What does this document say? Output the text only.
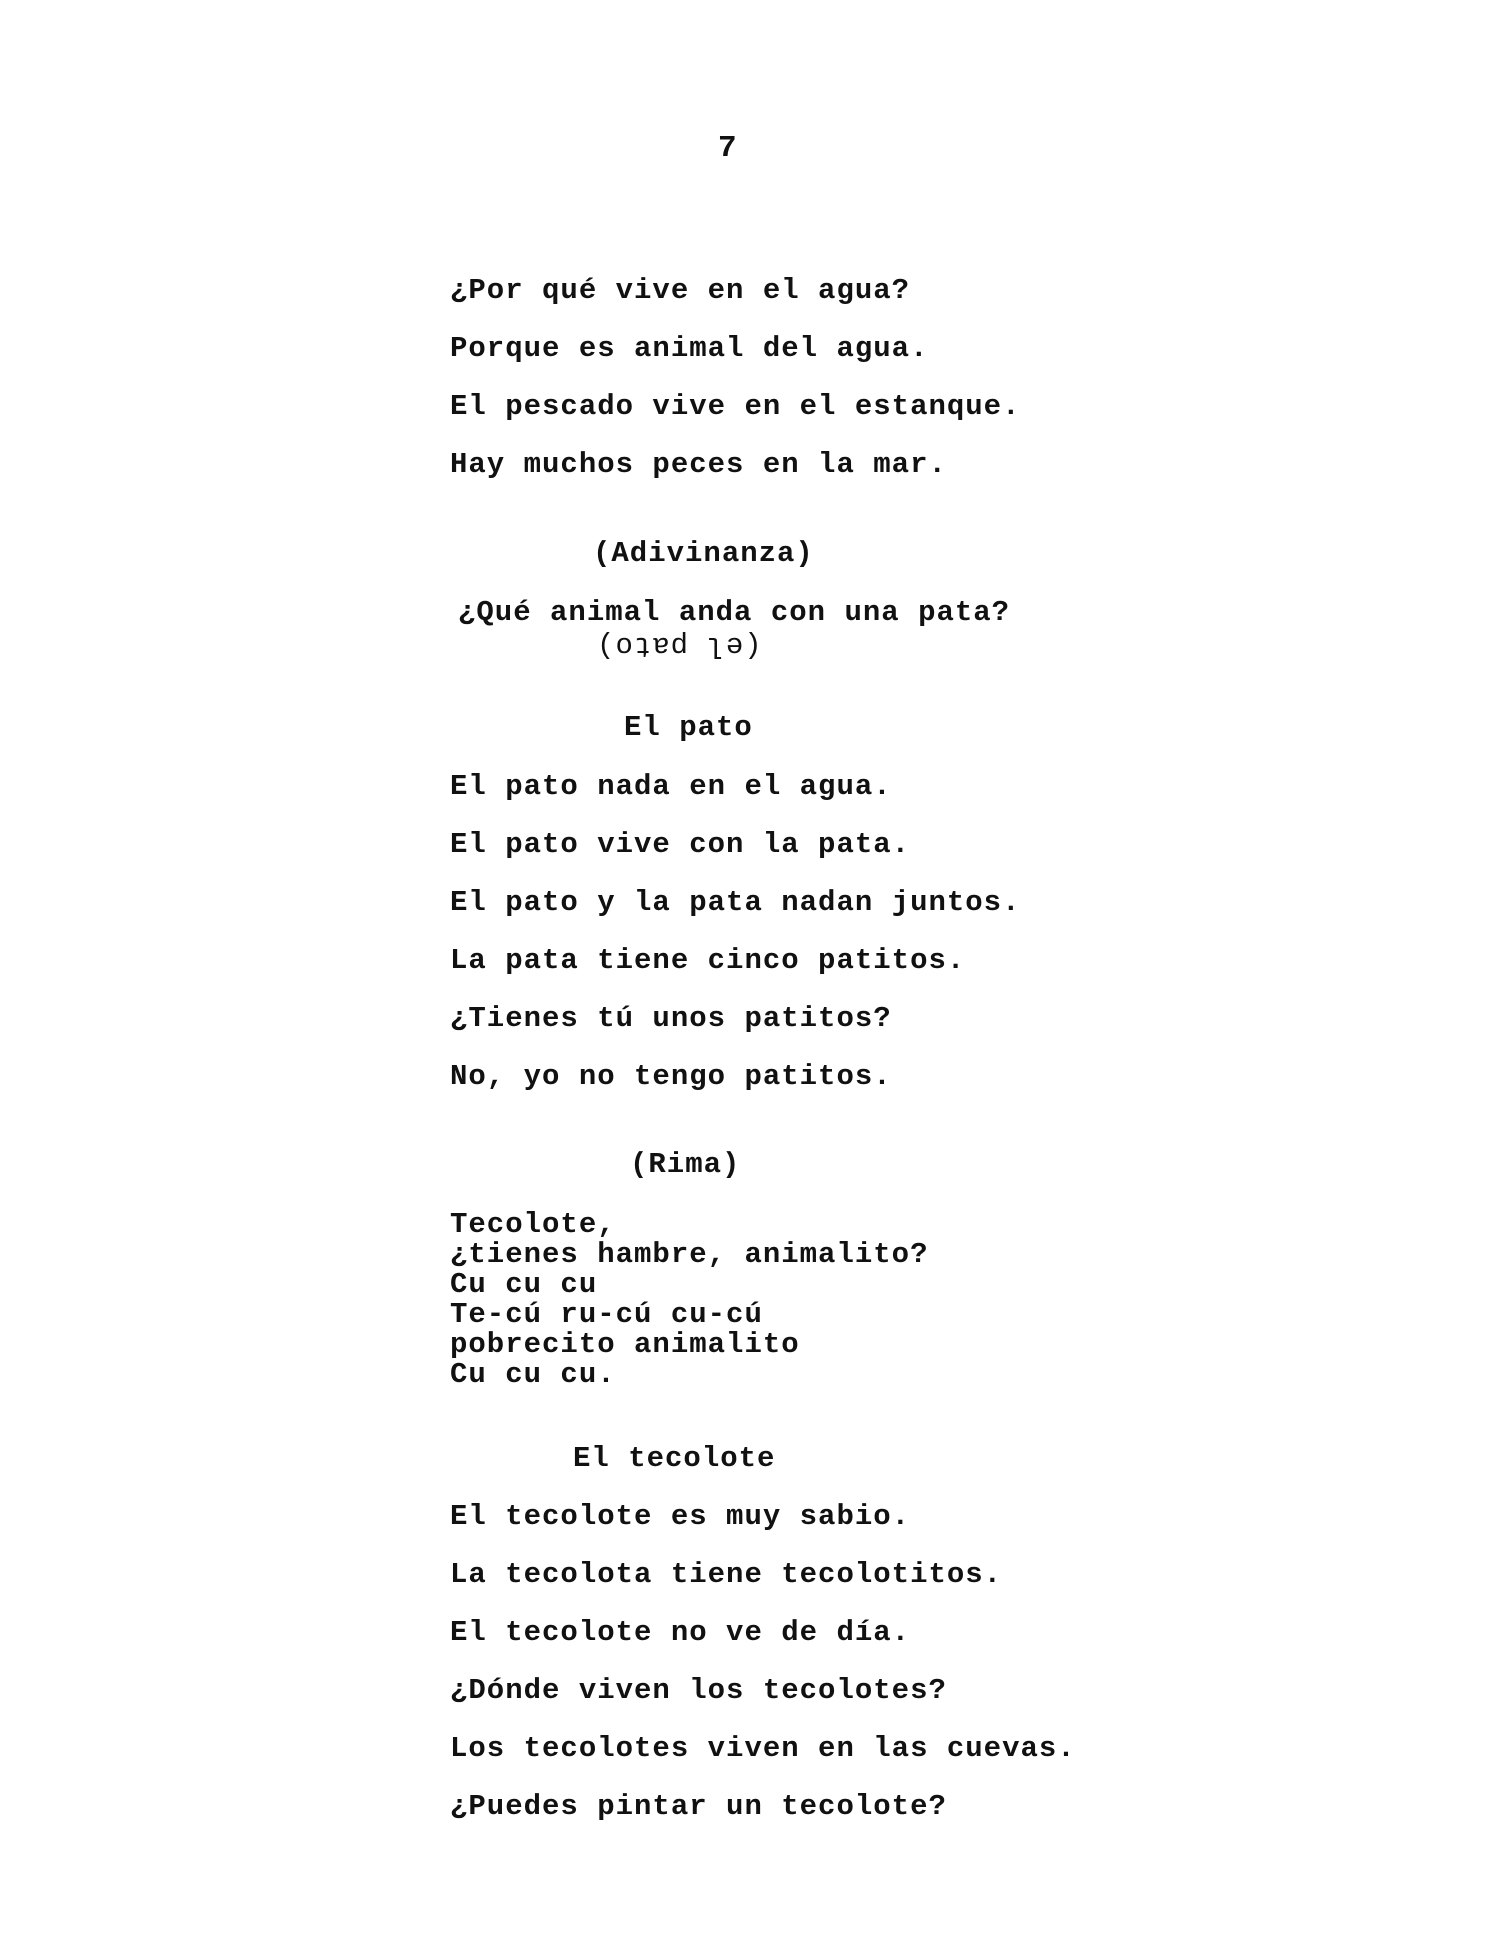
7

¿Por qué vive en el agua?

Porque es animal del agua.

El pescado vive en el estanque.

Hay muchos peces en la mar.

(Adivinanza)

¿Qué animal anda con una pata?

(el pato)

El pato

El pato nada en el agua.

El pato vive con la pata.

El pato y la pata nadan juntos.

La pata tiene cinco patitos.

¿Tienes tú unos patitos?

No, yo no tengo patitos.

(Rima)

Tecolote,

¿tienes hambre, animalito?

Cu cu cu

Te-cú ru-cú cu-cú

pobrecito animalito

Cu cu cu.

El tecolote

El tecolote es muy sabio.

La tecolota tiene tecolotitos.

El tecolote no ve de día.

¿Dónde viven los tecolotes?

Los tecolotes viven en las cuevas.

¿Puedes pintar un tecolote?
